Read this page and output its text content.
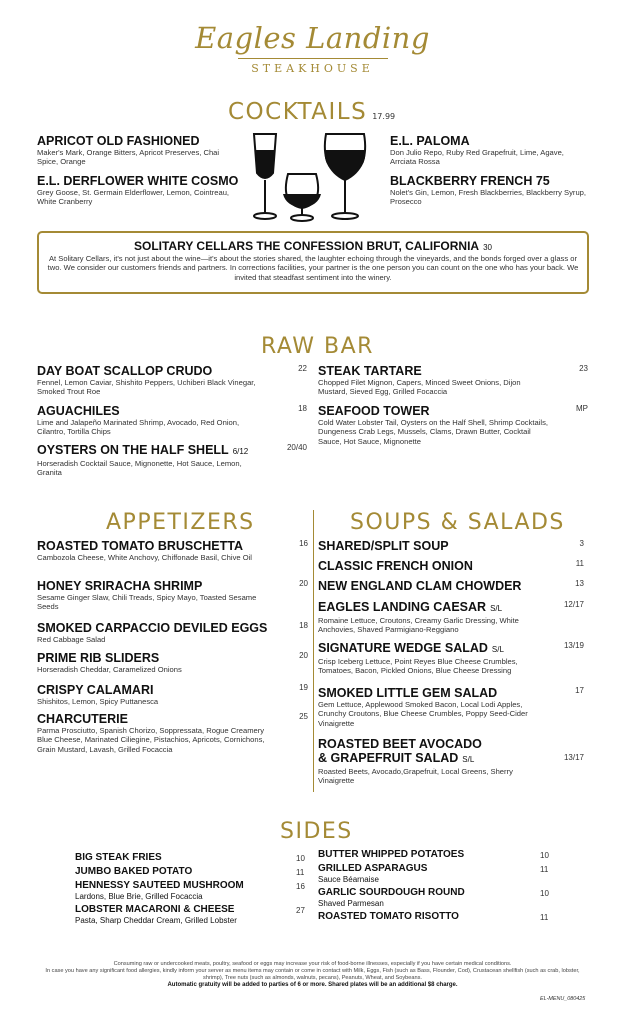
Eagles Landing
STEAKHOUSE
COCKTAILS 17.99
APRICOT OLD FASHIONED
Maker's Mark, Orange Bitters, Apricot Preserves, Chai Spice, Orange
E.L. DERFLOWER WHITE COSMO
Grey Goose, St. Germain Elderflower, Lemon, Cointreau, White Cranberry
E.L. PALOMA
Don Julio Repo, Ruby Red Grapefruit, Lime, Agave, Arrciata Rossa
BLACKBERRY FRENCH 75
Nolet's Gin, Lemon, Fresh Blackberries, Blackberry Syrup, Prosecco
SOLITARY CELLARS THE CONFESSION BRUT, CALIFORNIA 30
At Solitary Cellars, it's not just about the wine—it's about the stories shared, the laughter echoing through the vineyards, and the bonds forged over a glass or two. We consider our customers friends and partners. In corrections facilities, your partner is the one person you can count on the one who has your back. We invited that steadfast sentiment into the winery.
RAW BAR
DAY BOAT SCALLOP CRUDO
Fennel, Lemon Caviar, Shishito Peppers, Uchiberi Black Vinegar, Smoked Trout Roe
22
AGUACHILES
Lime and Jalapeño Marinated Shrimp, Avocado, Red Onion, Cilantro, Tortilla Chips
18
OYSTERS ON THE HALF SHELL 6/12
Horseradish Cocktail Sauce, Mignonette, Hot Sauce, Lemon, Granita
20/40
STEAK TARTARE
Chopped Filet Mignon, Capers, Minced Sweet Onions, Dijon Mustard, Sieved Egg, Grilled Focaccia
23
SEAFOOD TOWER
Cold Water Lobster Tail, Oysters on the Half Shell, Shrimp Cocktails, Dungeness Crab Legs, Mussels, Clams, Drawn Butter, Cocktail Sauce, Hot Sauce, Mignonette
MP
APPETIZERS
ROASTED TOMATO BRUSCHETTA
Cambozola Cheese, White Anchovy, Chiffonade Basil, Chive Oil
16
HONEY SRIRACHA SHRIMP
Sesame Ginger Slaw, Chili Treads, Spicy Mayo, Toasted Sesame Seeds
20
SMOKED CARPACCIO DEVILED EGGS
Red Cabbage Salad
18
PRIME RIB SLIDERS
Horseradish Cheddar, Caramelized Onions
20
CRISPY CALAMARI
Shishitos, Lemon, Spicy Puttanesca
19
CHARCUTERIE
Parma Prosciutto, Spanish Chorizo, Soppressata, Rogue Creamery Blue Cheese, Marinated Ciliegine, Pistachios, Apricots, Cornichons, Grain Mustard, Lavash, Grilled Focaccia
25
SOUPS & SALADS
SHARED/SPLIT SOUP	3
CLASSIC FRENCH ONION	11
NEW ENGLAND CLAM CHOWDER	13
EAGLES LANDING CAESAR S/L
Romaine Lettuce, Croutons, Creamy Garlic Dressing, White Anchovies, Shaved Parmigiano-Reggiano
12/17
SIGNATURE WEDGE SALAD S/L
Crisp Iceberg Lettuce, Point Reyes Blue Cheese Crumbles, Tomatoes, Bacon, Pickled Onions, Blue Cheese Dressing
13/19
SMOKED LITTLE GEM SALAD
Gem Lettuce, Applewood Smoked Bacon, Local Lodi Apples, Crunchy Croutons, Blue Cheese Crumbles, Poppy Seed-Cider Vinaigrette
17
ROASTED BEET AVOCADO
& GRAPEFRUIT SALAD S/L
Roasted Beets, Avocado,Grapefruit, Local Greens, Sherry Vinaigrette
13/17
SIDES
BIG STEAK FRIES	10
JUMBO BAKED POTATO	11
HENNESSY SAUTEED MUSHROOM
Lardons, Blue Brie, Grilled Focaccia
16
LOBSTER MACARONI & CHEESE
Pasta, Sharp Cheddar Cream, Grilled Lobster
27
BUTTER WHIPPED POTATOES	10
GRILLED ASPARAGUS
Sauce Béarnaise
11
GARLIC SOURDOUGH ROUND
Shaved Parmesan
10
ROASTED TOMATO RISOTTO	11
Consuming raw or undercooked meats, poultry, seafood or eggs may increase your risk of food-borne illnesses, especially if you have certain medical conditions.
In case you have any significant food allergies, kindly inform your server as menu items may contain or come in contact with Milk, Eggs, Fish (such as Bass, Flounder, Cod), Crustacean shellfish (such as crab, lobster, shrimp), Tree nuts (such as almonds, walnuts, pecans), Peanuts, Wheat, and Soybeans.
Automatic gratuity will be added to parties of 6 or more. Shared plates will be an additional $8 charge.
EL-MENU_080425
